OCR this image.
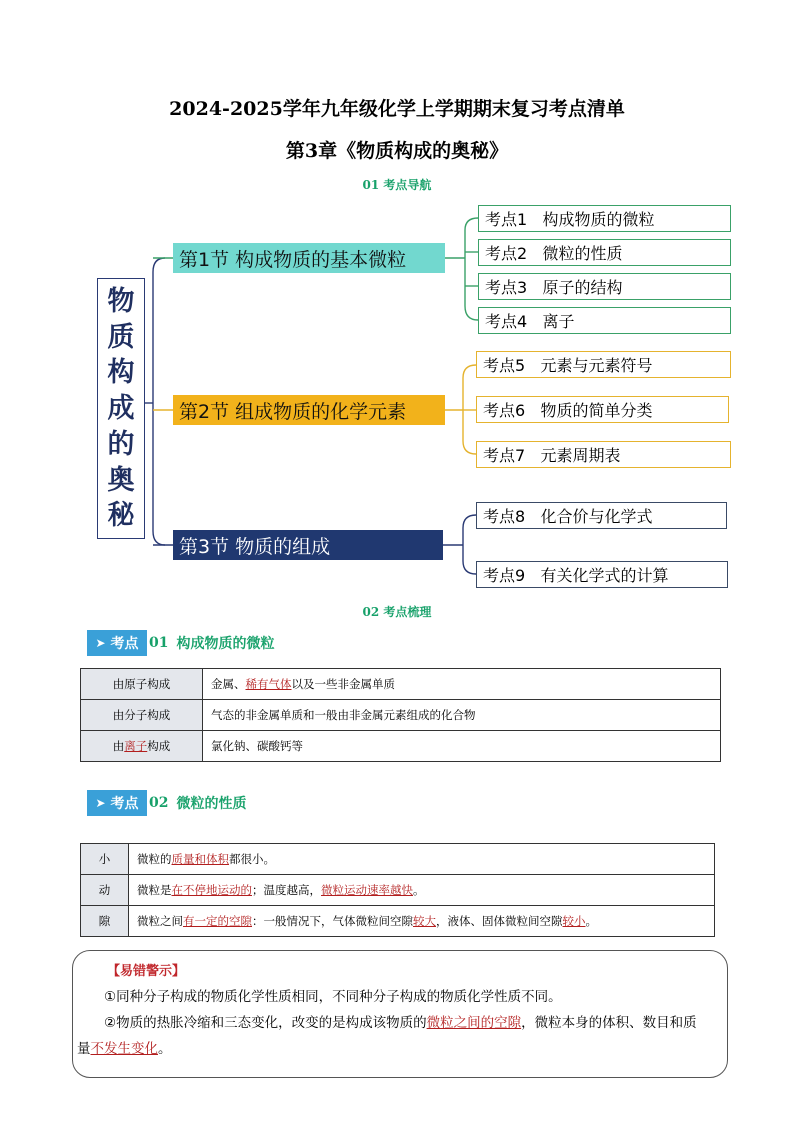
2024-2025学年九年级化学上学期期末复习考点清单
第3章《物质构成的奥秘》
01 考点导航
物
质
构
成
的
奥
秘
第1节 构成物质的基本微粒
第2节 组成物质的化学元素
第3节 物质的组成
考点1   构成物质的微粒
考点2   微粒的性质
考点3   原子的结构
考点4   离子
考点5   元素与元素符号
考点6   物质的简单分类
考点7   元素周期表
考点8   化合价与化学式
考点9   有关化学式的计算
02 考点梳理
➤ 考点 01 构成物质的微粒
由原子构成	金属、稀有气体以及一些非金属单质
由分子构成	气态的非金属单质和一般由非金属元素组成的化合物
由离子构成	氯化钠、碳酸钙等
➤ 考点 02 微粒的性质
小	微粒的质量和体积都很小。
动	微粒是在不停地运动的；温度越高，微粒运动速率越快。
隙	微粒之间有一定的空隙：一般情况下，气体微粒间空隙较大，液体、固体微粒间空隙较小。
【易错警示】
①同种分子构成的物质化学性质相同，不同种分子构成的物质化学性质不同。
②物质的热胀冷缩和三态变化，改变的是构成该物质的微粒之间的空隙，微粒本身的体积、数目和质
量不发生变化。
